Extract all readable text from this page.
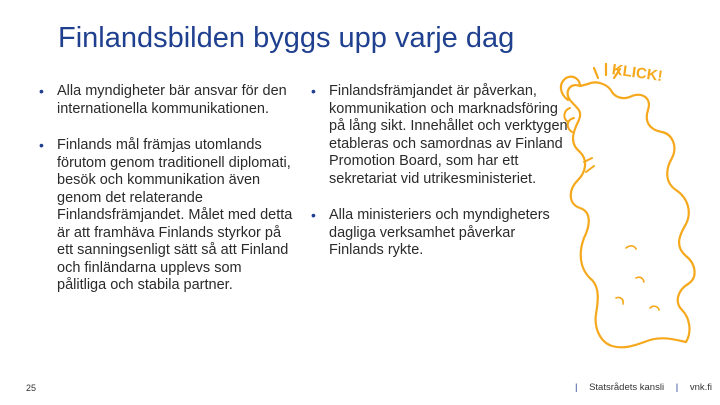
Finlandsbilden byggs upp varje dag
• Alla myndigheter bär ansvar för den internationella kommunikationen.
• Finlands mål främjas utomlands förutom genom traditionell diplomati, besök och kommunikation även genom det relaterande Finlandsfrämjandet. Målet med detta är att framhäva Finlands styrkor på ett sanningsenligt sätt så att Finland och finländarna upplevs som pålitliga och stabila partner.
• Finlandsfrämjandet är påverkan, kommunikation och marknadsföring på lång sikt. Innehållet och verktygen etableras och samordnas av Finland Promotion Board, som har ett sekretariat vid utrikesministeriet.
• Alla ministeriers och myndigheters dagliga verksamhet påverkar Finlands rykte.
KLICK!
25	| Statsrådets kansli | vnk.fi
